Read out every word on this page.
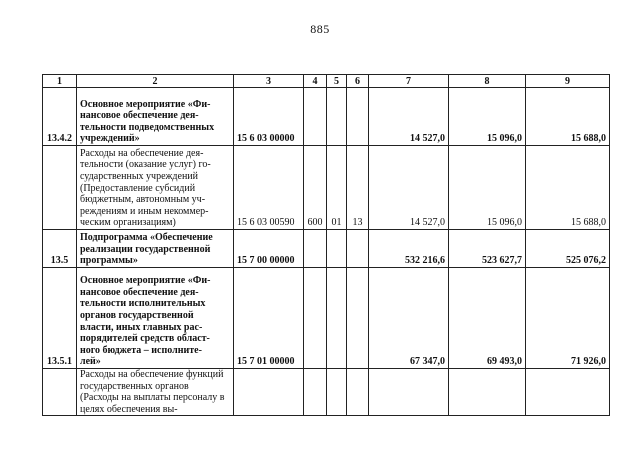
885
1	2	3	4	5	6	7	8	9
13.4.2	Основное мероприятие «Финансовое обеспечение деятельности подведомственных учреждений»	15 6 03 00000				14 527,0	15 096,0	15 688,0

	Расходы на обеспечение деятельности (оказание услуг) государственных учреждений (Предоставление субсидий бюджетным, автономным учреждениям и иным некоммерческим организациям)	15 6 03 00590	600	01	13	14 527,0	15 096,0	15 688,0
13.5	Подпрограмма «Обеспечение реализации государственной программы»	15 7 00 00000				532 216,6	523 627,7	525 076,2
13.5.1	Основное мероприятие «Финансовое обеспечение деятельности исполнительных органов государственной власти, иных главных распорядителей средств областного бюджета – исполнителей»	15 7 01 00000				67 347,0	69 493,0	71 926,0

	Расходы на обеспечение функций государственных органов (Расходы на выплаты персоналу в целях обеспечения вы-							
